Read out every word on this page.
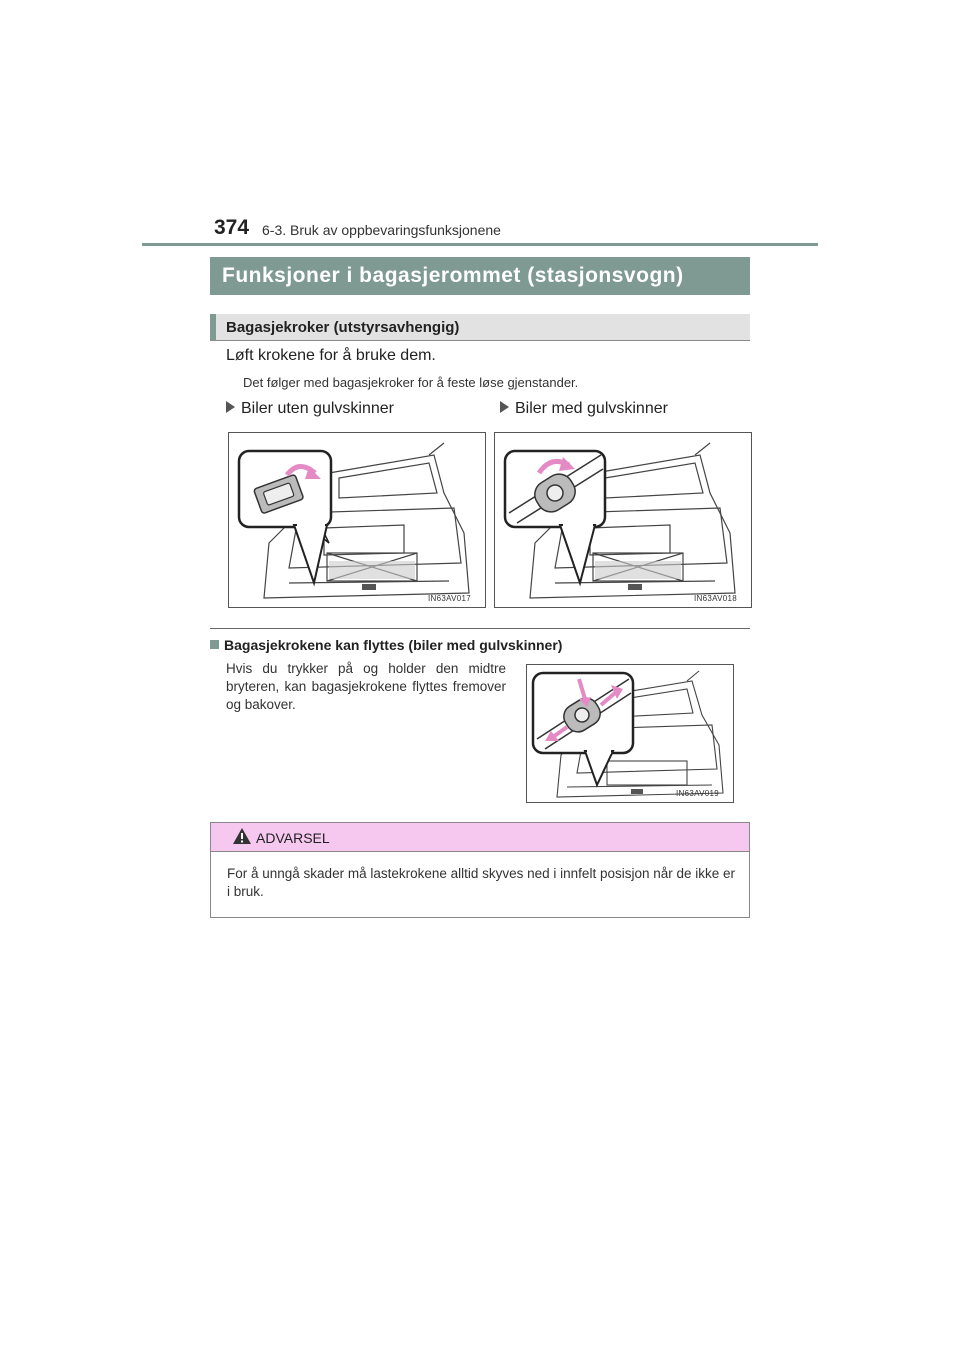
374 6-3. Bruk av oppbevaringsfunksjonene
Funksjoner i bagasjerommet (stasjonsvogn)
Bagasjekroker (utstyrsavhengig)
Løft krokene for å bruke dem.
Det følger med bagasjekroker for å feste løse gjenstander.
Biler uten gulvskinner	Biler med gulvskinner
IN63AV017	IN63AV018
Bagasjekrokene kan flyttes (biler med gulvskinner)
Hvis du trykker på og holder den midtre bryteren, kan bagasjekrokene flyttes fremover og bakover.
IN63AV019
ADVARSEL
For å unngå skader må lastekrokene alltid skyves ned i innfelt posisjon når de ikke er i bruk.
